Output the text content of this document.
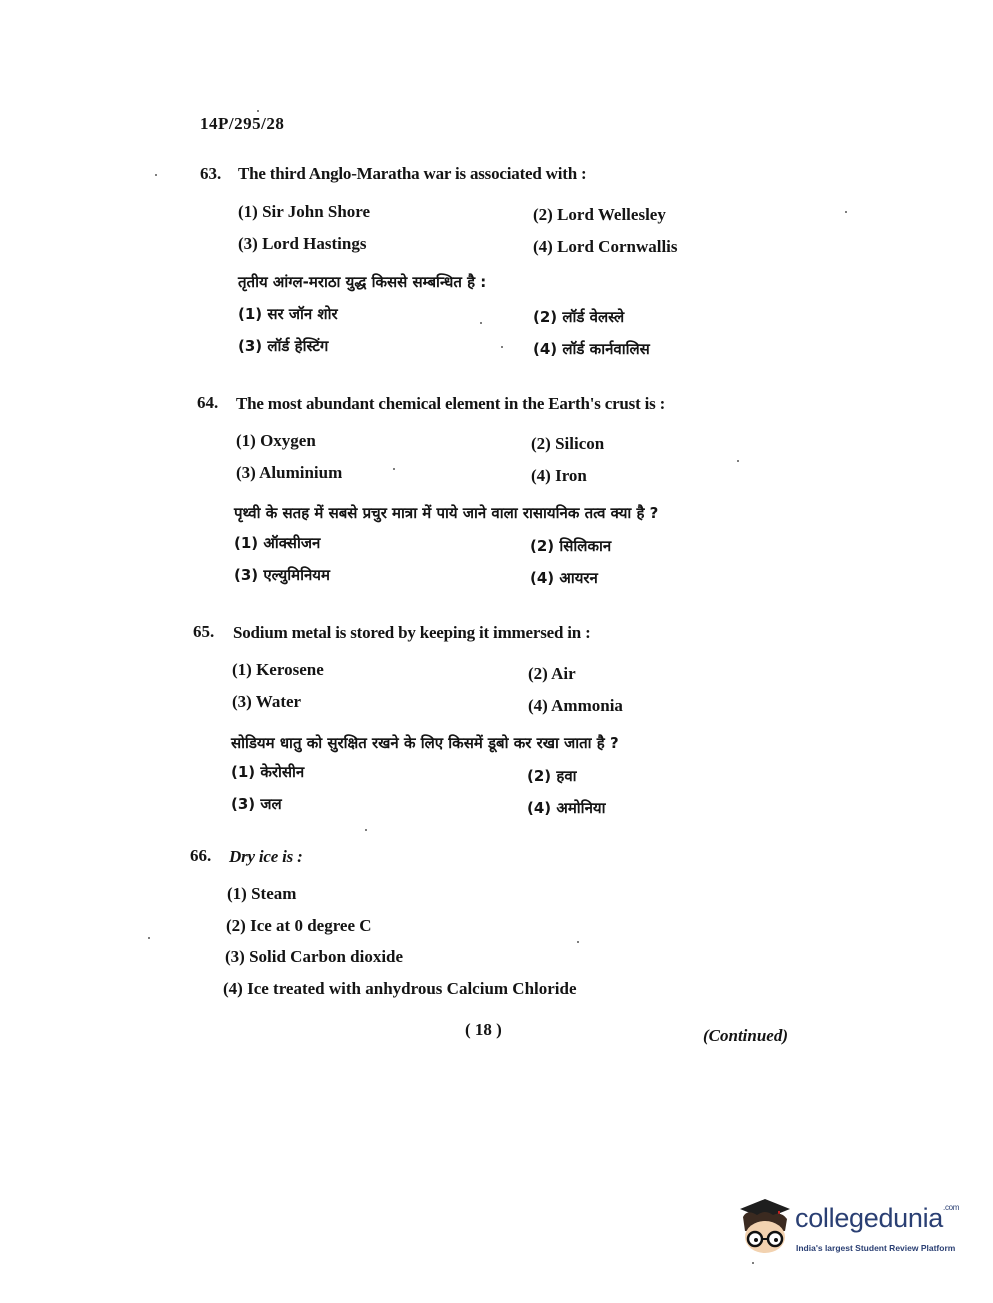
14P/295/28
63. The third Anglo-Maratha war is associated with :
(1) Sir John Shore	(2) Lord Wellesley
(3) Lord Hastings	(4) Lord Cornwallis
तृतीय आंग्ल-मराठा युद्ध किससे सम्बन्धित है :
(1) सर जॉन शोर	(2) लॉर्ड वेलस्ले
(3) लॉर्ड हेस्टिंग	(4) लॉर्ड कार्नवालिस
64. The most abundant chemical element in the Earth's crust is :
(1) Oxygen	(2) Silicon
(3) Aluminium	(4) Iron
पृथ्वी के सतह में सबसे प्रचुर मात्रा में पाये जाने वाला रासायनिक तत्व क्या है ?
(1) ऑक्सीजन	(2) सिलिकान
(3) एल्युमिनियम	(4) आयरन
65. Sodium metal is stored by keeping it immersed in :
(1) Kerosene	(2) Air
(3) Water	(4) Ammonia
सोडियम धातु को सुरक्षित रखने के लिए किसमें डूबो कर रखा जाता है ?
(1) केरोसीन	(2) हवा
(3) जल	(4) अमोनिया
66. Dry ice is :
(1) Steam
(2) Ice at 0 degree C
(3) Solid Carbon dioxide
(4) Ice treated with anhydrous Calcium Chloride
( 18 )	(Continued)
collegedunia$^{.com}$
India's largest Student Review Platform
